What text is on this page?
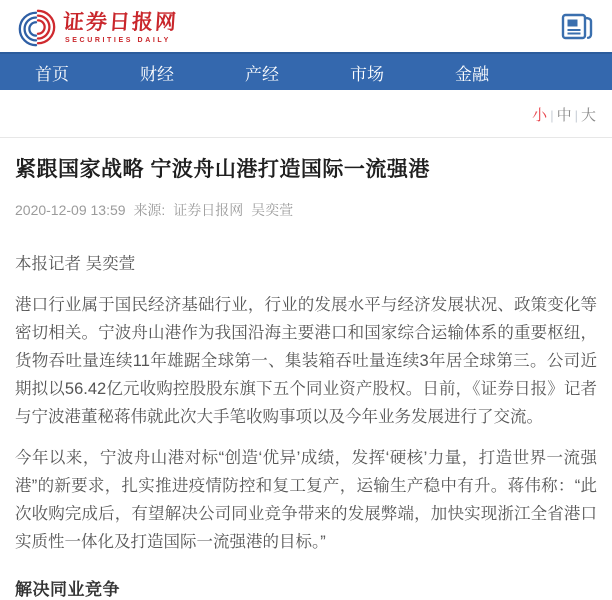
证券日报网
SECURITIES DAILY
首页	财经	产经	市场	金融
小 | 中 | 大
紧跟国家战略 宁波舟山港打造国际一流强港
2020-12-09 13:59 来源: 证券日报网 吴奕萱

本报记者 吴奕萱

港口行业属于国民经济基础行业，行业的发展水平与经济发展状况、政策变化等密切相关。宁波舟山港作为我国沿海主要港口和国家综合运输体系的重要枢纽，货物吞吐量连续11年雄踞全球第一、集装箱吞吐量连续3年居全球第三。公司近期拟以56.42亿元收购控股股东旗下五个同业资产股权。日前，《证券日报》记者与宁波港董秘蒋伟就此次大手笔收购事项以及今年业务发展进行了交流。

今年以来，宁波舟山港对标“创造‘优异’成绩，发挥‘硬核’力量，打造世界一流强港”的新要求，扎实推进疫情防控和复工复产，运输生产稳中有升。蒋伟称：“此次收购完成后，有望解决公司同业竞争带来的发展弊端，加快实现浙江全省港口实质性一体化及打造国际一流强港的目标。”

解决同业竞争
